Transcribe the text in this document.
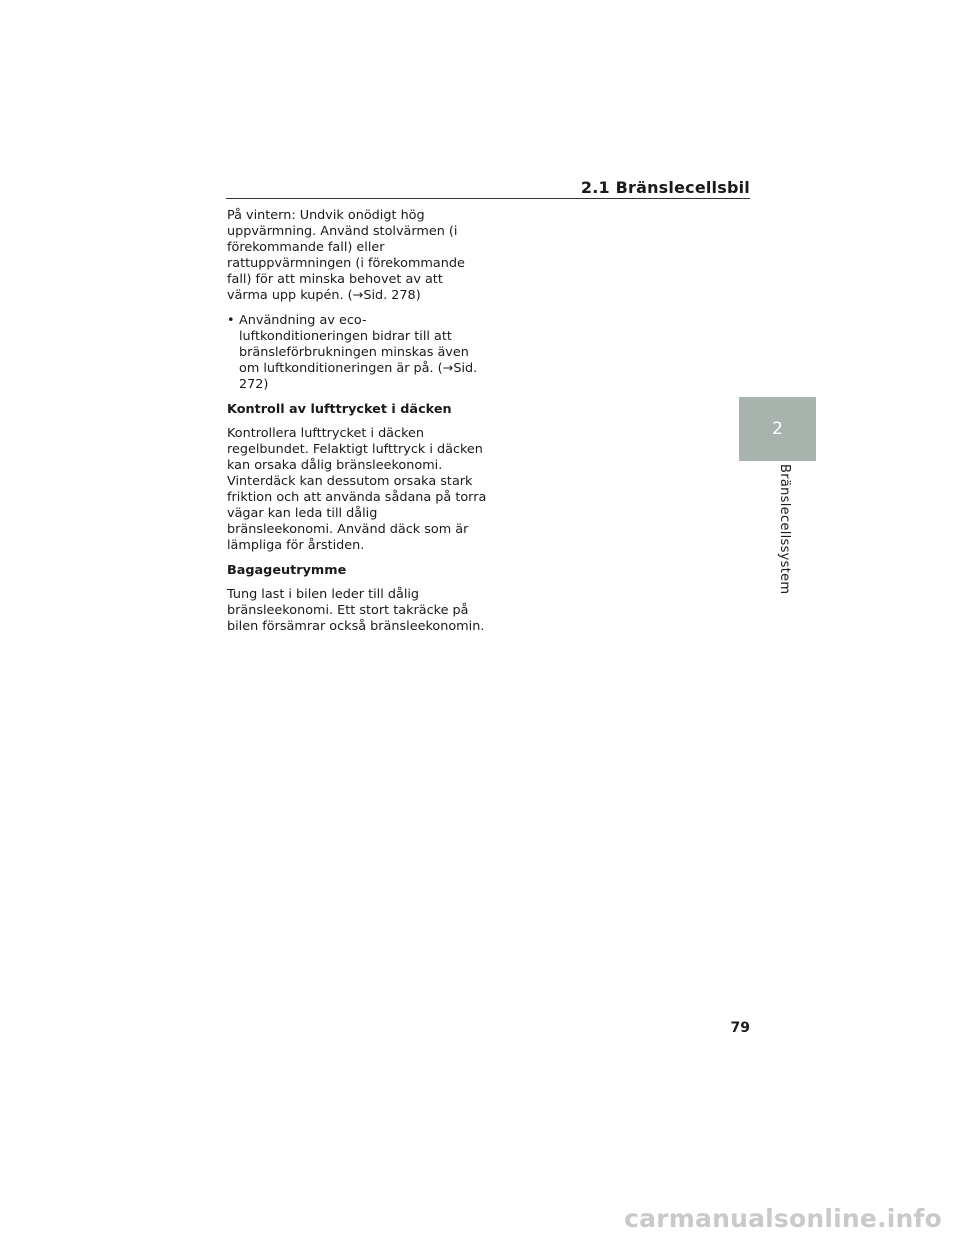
2.1 Bränslecellsbil

På vintern: Undvik onödigt hög uppvärmning. Använd stolvärmen (i förekommande fall) eller rattuppvärmningen (i förekommande fall) för att minska behovet av att värma upp kupén. (→Sid. 278)

• Användning av eco-luftkonditioneringen bidrar till att bränsleförbrukningen minskas även om luftkonditioneringen är på. (→Sid. 272)

Kontroll av lufttrycket i däcken

Kontrollera lufttrycket i däcken regelbundet. Felaktigt lufttryck i däcken kan orsaka dålig bränsleekonomi. Vinterdäck kan dessutom orsaka stark friktion och att använda sådana på torra vägar kan leda till dålig bränsleekonomi. Använd däck som är lämpliga för årstiden.

Bagageutrymme

Tung last i bilen leder till dålig bränsleekonomi. Ett stort takräcke på bilen försämrar också bränsleekonomin.

2
Bränslecellssystem
79
carmanualsonline.info
